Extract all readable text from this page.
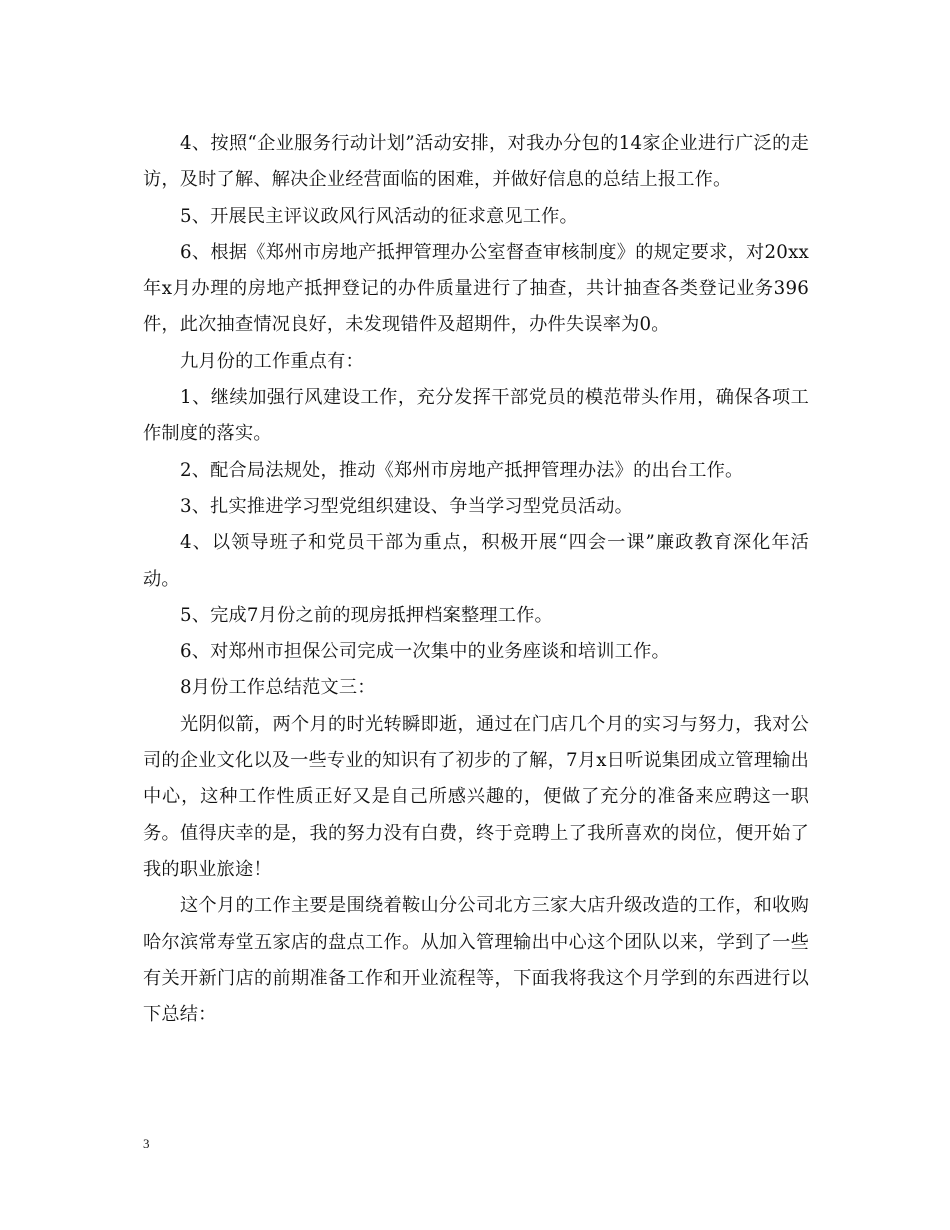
4、按照“企业服务行动计划”活动安排，对我办分包的14家企业进行广泛的走访，及时了解、解决企业经营面临的困难，并做好信息的总结上报工作。

5、开展民主评议政风行风活动的征求意见工作。

6、根据《郑州市房地产抵押管理办公室督查审核制度》的规定要求，对20xx年x月办理的房地产抵押登记的办件质量进行了抽查，共计抽查各类登记业务396件，此次抽查情况良好，未发现错件及超期件，办件失误率为0。

九月份的工作重点有：

1、继续加强行风建设工作，充分发挥干部党员的模范带头作用，确保各项工作制度的落实。

2、配合局法规处，推动《郑州市房地产抵押管理办法》的出台工作。

3、扎实推进学习型党组织建设、争当学习型党员活动。

4、以领导班子和党员干部为重点，积极开展“四会一课”廉政教育深化年活动。

5、完成7月份之前的现房抵押档案整理工作。

6、对郑州市担保公司完成一次集中的业务座谈和培训工作。

8月份工作总结范文三：

光阴似箭，两个月的时光转瞬即逝，通过在门店几个月的实习与努力，我对公司的企业文化以及一些专业的知识有了初步的了解，7月x日听说集团成立管理输出中心，这种工作性质正好又是自己所感兴趣的，便做了充分的准备来应聘这一职务。值得庆幸的是，我的努力没有白费，终于竞聘上了我所喜欢的岗位，便开始了我的职业旅途！

这个月的工作主要是围绕着鞍山分公司北方三家大店升级改造的工作，和收购哈尔滨常寿堂五家店的盘点工作。从加入管理输出中心这个团队以来，学到了一些有关开新门店的前期准备工作和开业流程等，下面我将我这个月学到的东西进行以下总结：

3
